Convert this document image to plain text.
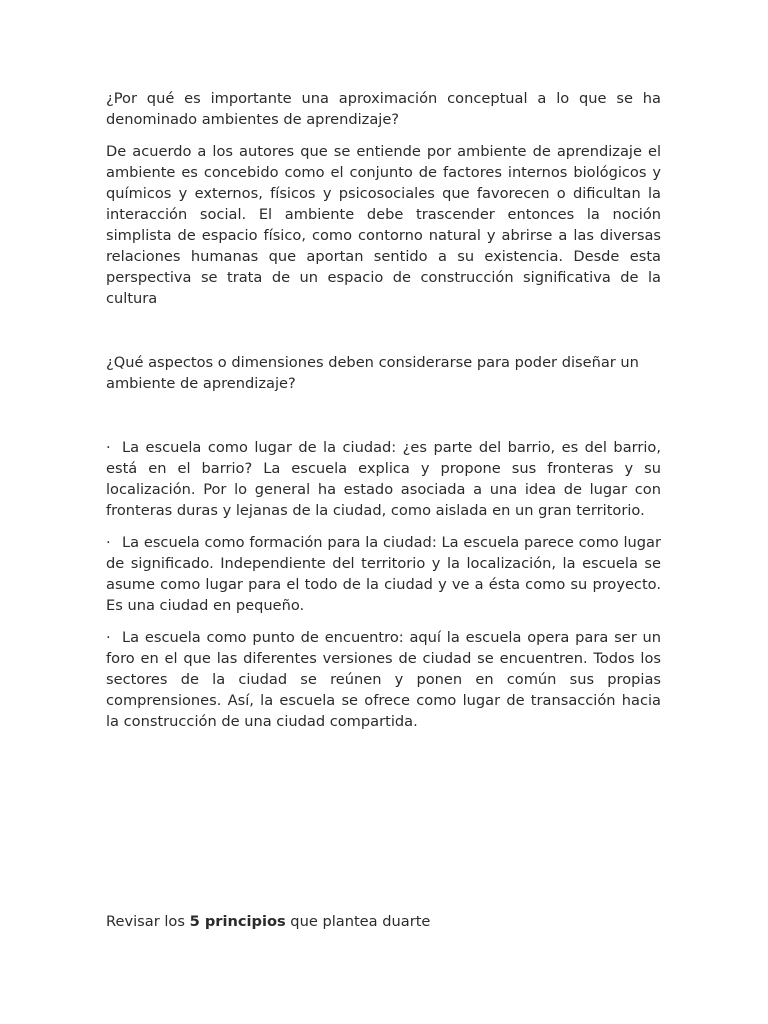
¿Por qué es importante una aproximación conceptual a lo que se ha denominado ambientes de aprendizaje?

De acuerdo a los autores que se entiende por ambiente de aprendizaje el ambiente es concebido como el conjunto de factores internos biológicos y químicos y externos, físicos y psicosociales que favorecen o dificultan la interacción social. El ambiente debe trascender entonces la noción simplista de espacio físico, como contorno natural y abrirse a las diversas relaciones humanas que aportan sentido a su existencia. Desde esta perspectiva se trata de un espacio de construcción significativa de la cultura

¿Qué aspectos o dimensiones deben considerarse para poder diseñar un ambiente de aprendizaje?

· La escuela como lugar de la ciudad: ¿es parte del barrio, es del barrio, está en el barrio? La escuela explica y propone sus fronteras y su localización. Por lo general ha estado asociada a una idea de lugar con fronteras duras y lejanas de la ciudad, como aislada en un gran territorio.

· La escuela como formación para la ciudad: La escuela parece como lugar de significado. Independiente del territorio y la localización, la escuela se asume como lugar para el todo de la ciudad y ve a ésta como su proyecto. Es una ciudad en pequeño.

· La escuela como punto de encuentro: aquí la escuela opera para ser un foro en el que las diferentes versiones de ciudad se encuentren. Todos los sectores de la ciudad se reúnen y ponen en común sus propias comprensiones. Así, la escuela se ofrece como lugar de transacción hacia la construcción de una ciudad compartida.

Revisar los 5 principios que plantea duarte
